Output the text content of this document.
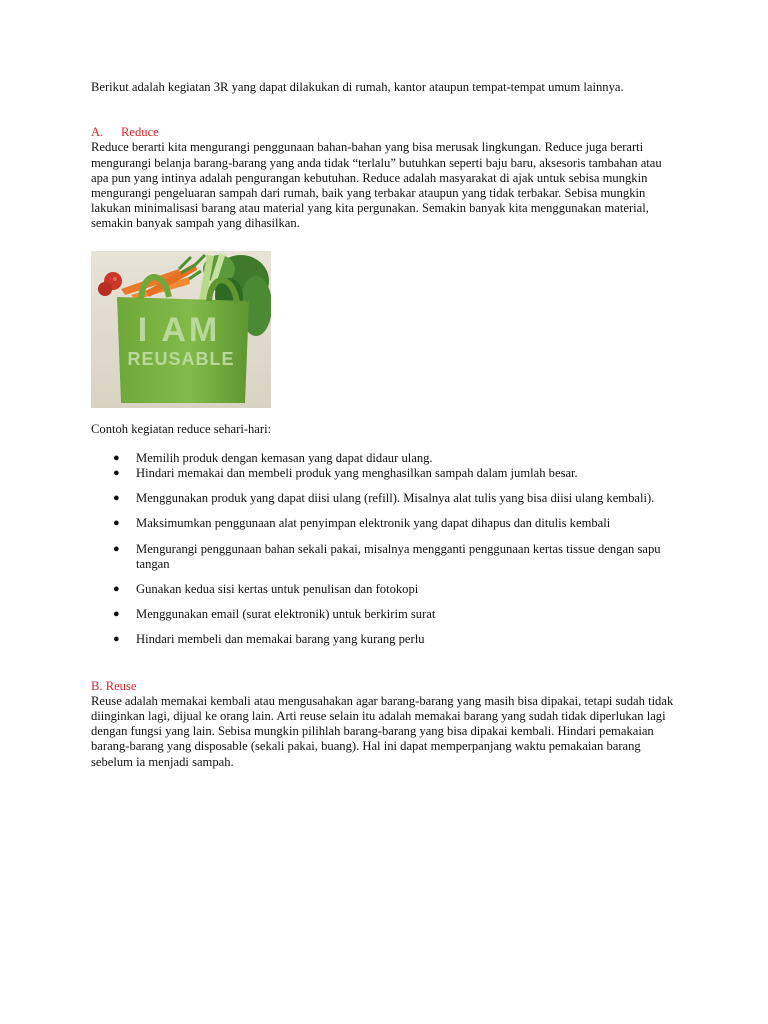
Berikut adalah kegiatan 3R yang dapat dilakukan di rumah, kantor ataupun tempat-tempat umum lainnya.

A. Reduce

Reduce berarti kita mengurangi penggunaan bahan-bahan yang bisa merusak lingkungan. Reduce juga berarti mengurangi belanja barang-barang yang anda tidak “terlalu” butuhkan seperti baju baru, aksesoris tambahan atau apa pun yang intinya adalah pengurangan kebutuhan. Reduce adalah masyarakat di ajak untuk sebisa mungkin mengurangi pengeluaran sampah dari rumah, baik yang terbakar ataupun yang tidak terbakar. Sebisa mungkin lakukan minimalisasi barang atau material yang kita pergunakan. Semakin banyak kita menggunakan material, semakin banyak sampah yang dihasilkan.

I AM
REUSABLE

Contoh kegiatan reduce sehari-hari:

● Memilih produk dengan kemasan yang dapat didaur ulang.
● Hindari memakai dan membeli produk yang menghasilkan sampah dalam jumlah besar.
● Menggunakan produk yang dapat diisi ulang (refill). Misalnya alat tulis yang bisa diisi ulang kembali).
● Maksimumkan penggunaan alat penyimpan elektronik yang dapat dihapus dan ditulis kembali
● Mengurangi penggunaan bahan sekali pakai, misalnya mengganti penggunaan kertas tissue dengan sapu tangan
● Gunakan kedua sisi kertas untuk penulisan dan fotokopi
● Menggunakan email (surat elektronik) untuk berkirim surat
● Hindari membeli dan memakai barang yang kurang perlu
B. Reuse

Reuse adalah memakai kembali atau mengusahakan agar barang-barang yang masih bisa dipakai, tetapi sudah tidak diinginkan lagi, dijual ke orang lain. Arti reuse selain itu adalah memakai barang yang sudah tidak diperlukan lagi dengan fungsi yang lain. Sebisa mungkin pilihlah barang-barang yang bisa dipakai kembali. Hindari pemakaian barang-barang yang disposable (sekali pakai, buang). Hal ini dapat memperpanjang waktu pemakaian barang sebelum ia menjadi sampah.
